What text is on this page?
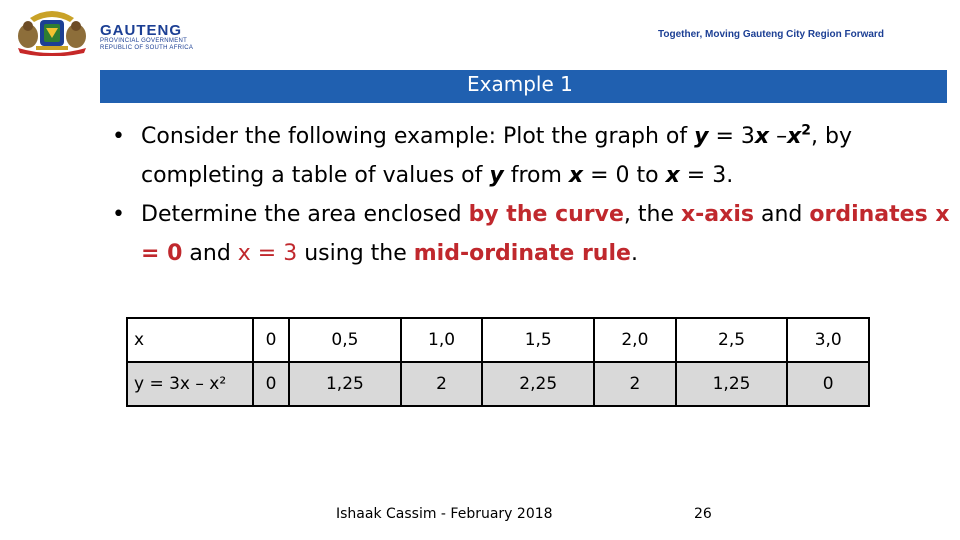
GAUTENG
PROVINCIAL GOVERNMENT
REPUBLIC OF SOUTH AFRICA
Together, Moving Gauteng City Region Forward
Example 1
• Consider the following example: Plot the graph of y = 3x $-x^2$, by completing a table of values of y from x = 0 to x = 3.
• Determine the area enclosed by the curve, the x-axis and ordinates x = 0 and x = 3 using the mid-ordinate rule.
x	0	0,5	1,0	1,5	2,0	2,5	3,0
y = 3x – x²	0	1,25	2	2,25	2	1,25	0
Ishaak Cassim - February 2018	26
